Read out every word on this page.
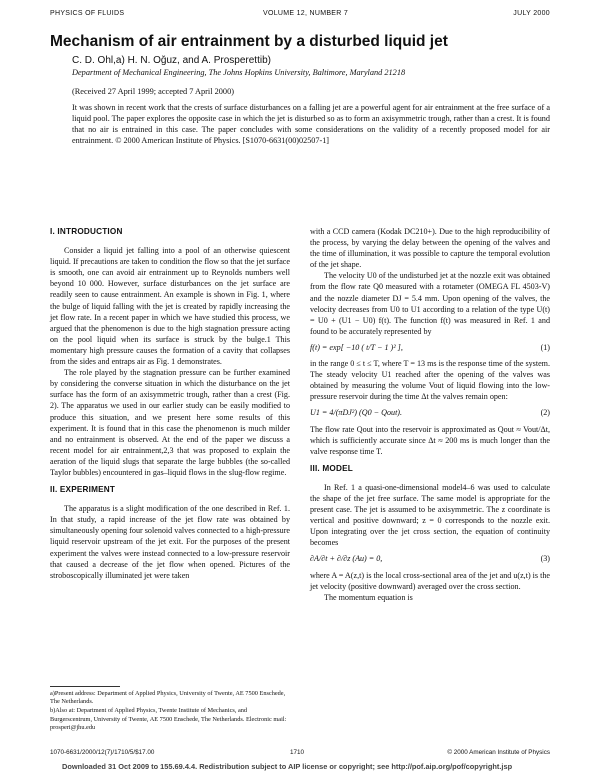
PHYSICS OF FLUIDS	VOLUME 12, NUMBER 7	JULY 2000
Mechanism of air entrainment by a disturbed liquid jet
C. D. Ohl,a) H. N. Oğuz, and A. Prosperettib)
Department of Mechanical Engineering, The Johns Hopkins University, Baltimore, Maryland 21218
(Received 27 April 1999; accepted 7 April 2000)
It was shown in recent work that the crests of surface disturbances on a falling jet are a powerful agent for air entrainment at the free surface of a liquid pool. The paper explores the opposite case in which the jet is disturbed so as to form an axisymmetric trough, rather than a crest. It is found that no air is entrained in this case. The paper concludes with some considerations on the validity of a recently proposed model for air entrainment. © 2000 American Institute of Physics. [S1070-6631(00)02507-1]
I. INTRODUCTION

Consider a liquid jet falling into a pool of an otherwise quiescent liquid. If precautions are taken to condition the flow so that the jet surface is smooth, one can avoid air entrainment up to Reynolds numbers well beyond 10 000. However, surface disturbances on the jet surface are readily seen to cause entrainment. An example is shown in Fig. 1, where the bulge of liquid falling with the jet is created by rapidly increasing the jet flow rate. In a recent paper in which we have studied this process, we argued that the phenomenon is due to the high stagnation pressure acting on the pool liquid when its surface is struck by the bulge.1 This momentary high pressure causes the formation of a cavity that collapses from the sides and entraps air as Fig. 1 demonstrates.

The role played by the stagnation pressure can be further examined by considering the converse situation in which the disturbance on the jet surface has the form of an axisymmetric trough, rather than a crest (Fig. 2). The apparatus we used in our earlier study can be easily modified to produce this situation, and we present here some results of this experiment. It is found that in this case the phenomenon is much milder and no entrainment is observed. At the end of the paper we discuss a recent model for air entrainment,2,3 that was proposed to explain the aeration of the liquid slugs that separate the large bubbles (the so-called Taylor bubbles) encountered in gas–liquid flows in the slug-flow regime.

II. EXPERIMENT

The apparatus is a slight modification of the one described in Ref. 1. In that study, a rapid increase of the jet flow rate was obtained by simultaneously opening four solenoid valves connected to a high-pressure liquid reservoir upstream of the jet exit. For the purposes of the present experiment the valves were instead connected to a low-pressure reservoir that caused a decrease of the jet flow when opened. Pictures of the stroboscopically illuminated jet were taken

with a CCD camera (Kodak DC210+). Due to the high reproducibility of the process, by varying the delay between the opening of the valves and the time of illumination, it was possible to capture the temporal evolution of the jet shape.

The velocity U0 of the undisturbed jet at the nozzle exit was obtained from the flow rate Q0 measured with a rotameter (OMEGA FL 4503-V) and the nozzle diameter DJ = 5.4 mm. Upon opening of the valves, the velocity decreases from U0 to U1 according to a relation of the type U(t) = U0 + (U1 − U0) f(t). The function f(t) was measured in Ref. 1 and found to be accurately represented by

f(t) = exp[ −10 ( t/T − 1 )² ],	(1)

in the range 0 ≤ t ≤ T, where T = 13 ms is the response time of the system. The steady velocity U1 reached after the opening of the valves was obtained by measuring the volume Vout of liquid flowing into the low-pressure reservoir during the time Δt the valves remain open:

U1 = 4/(πDJ²) (Q0 − Qout).	(2)

The flow rate Qout into the reservoir is approximated as Qout ≈ Vout/Δt, which is sufficiently accurate since Δt ≈ 200 ms is much longer than the valve response time T.

III. MODEL

In Ref. 1 a quasi-one-dimensional model4–6 was used to calculate the shape of the jet free surface. The same model is appropriate for the present case. The jet is assumed to be axisymmetric. The z coordinate is vertical and positive downward; z = 0 corresponds to the nozzle exit. Upon integrating over the jet cross section, the equation of continuity becomes

∂A/∂t + ∂/∂z (Au) = 0,	(3)

where A = A(z,t) is the local cross-sectional area of the jet and u(z,t) is the jet velocity (positive downward) averaged over the cross section.

The momentum equation is

a)Present address: Department of Applied Physics, University of Twente, AE 7500 Enschede, The Netherlands.

b)Also at: Department of Applied Physics, Twente Institute of Mechanics, and Burgerscentrum, University of Twente, AE 7500 Enschede, The Netherlands. Electronic mail: prosperi@jhu.edu

1070-6631/2000/12(7)/1710/5/$17.00	1710	© 2000 American Institute of Physics
Downloaded 31 Oct 2009 to 155.69.4.4. Redistribution subject to AIP license or copyright; see http://pof.aip.org/pof/copyright.jsp
